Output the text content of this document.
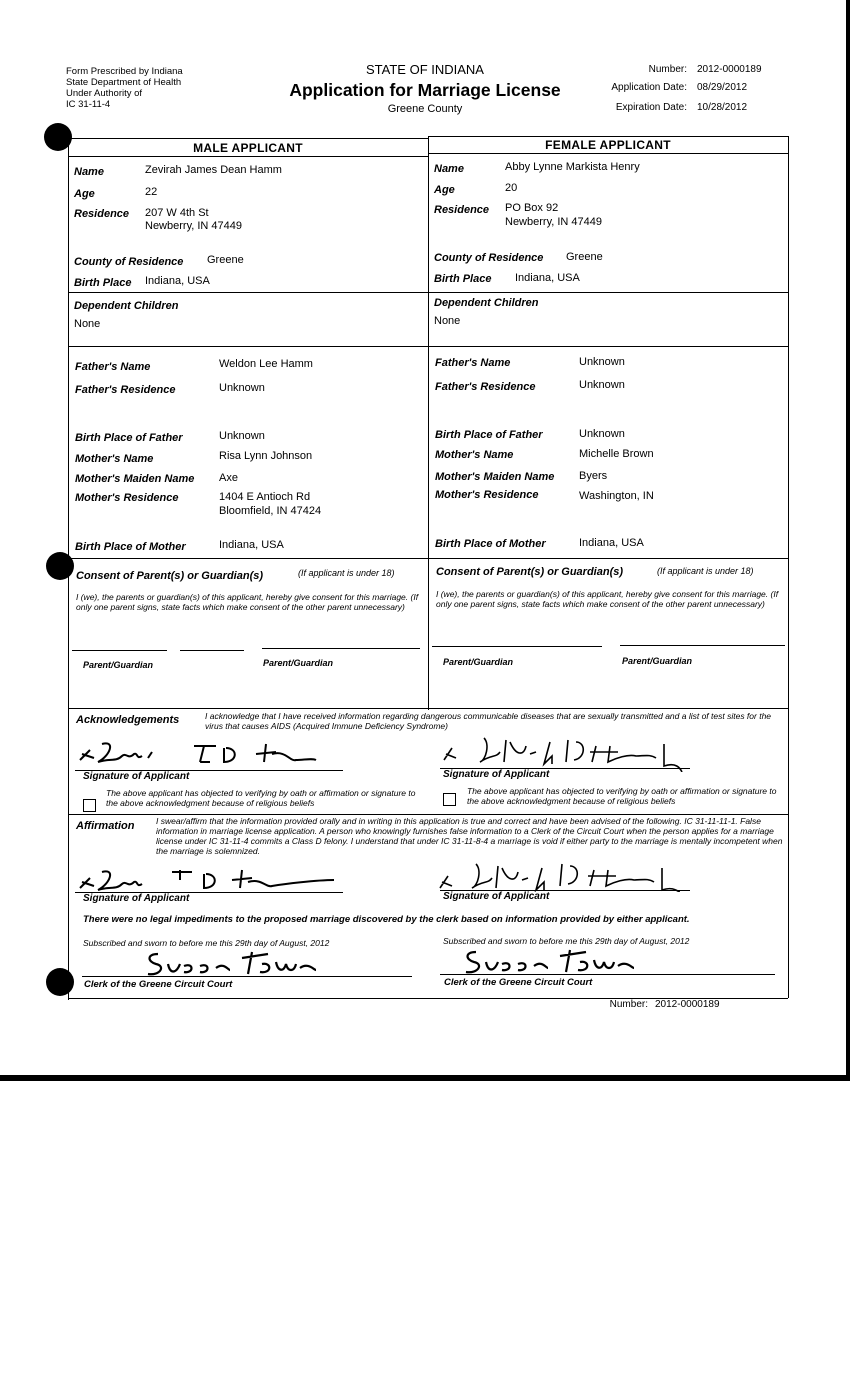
Form Prescribed by Indiana
State Department of Health
Under Authority of
IC 31-11-4
STATE OF INDIANA
Application for Marriage License
Greene County
Number: 2012-0000189
Application Date: 08/29/2012
Expiration Date: 10/28/2012
MALE APPLICANT	FEMALE APPLICANT
Name	Zevirah James Dean Hamm
Age	22
Residence 207 W 4th St
Newberry, IN 47449
County of Residence Greene
Birth Place Indiana, USA
Dependent Children
None
Father's Name	Weldon Lee Hamm
Father's Residence	Unknown
Birth Place of Father	Unknown
Mother's Name	Risa Lynn Johnson
Mother's Maiden Name Axe
Mother's Residence	1404 E Antioch Rd
Bloomfield, IN 47424
Birth Place of Mother	Indiana, USA
Name	Abby Lynne Markista Henry
Age	20
Residence PO Box 92
Newberry, IN 47449
County of Residence Greene
Birth Place Indiana, USA
Dependent Children
None
Father's Name	Unknown
Father's Residence	Unknown
Birth Place of Father	Unknown
Mother's Name	Michelle Brown
Mother's Maiden Name Byers
Mother's Residence	Washington, IN
Birth Place of Mother	Indiana, USA
Consent of Parent(s) or Guardian(s)	(If applicant is under 18)
I (we), the parents or guardian(s) of this applicant, hereby give consent for this marriage. (If only one parent signs, state facts which make consent of the other parent unnecessary)
Parent/Guardian	Parent/Guardian
Consent of Parent(s) or Guardian(s)	(If applicant is under 18)
I (we), the parents or guardian(s) of this applicant, hereby give consent for this marriage. (If only one parent signs, state facts which make consent of the other parent unnecessary)
Parent/Guardian	Parent/Guardian
Acknowledgements	I acknowledge that I have received information regarding dangerous communicable diseases that are sexually transmitted and a list of test sites for the virus that causes AIDS (Acquired Immune Deficiency Syndrome)
Signature of Applicant
The above applicant has objected to verifying by oath or affirmation or signature to the above acknowledgment because of religious beliefs
Signature of Applicant
The above applicant has objected to verifying by oath or affirmation or signature to the above acknowledgment because of religious beliefs
Affirmation	I swear/affirm that the information provided orally and in writing in this application is true and correct and have been advised of the following. IC 31-11-11-1. False information in marriage license application. A person who knowingly furnishes false information to a Clerk of the Circuit Court when the person applies for a marriage license under IC 31-11-4 commits a Class D felony. I understand that under IC 31-11-8-4 a marriage is void if either party to the marriage is mentally incompetent when the marriage is solemnized.
Signature of Applicant	Signature of Applicant
There were no legal impediments to the proposed marriage discovered by the clerk based on information provided by either applicant.
Subscribed and sworn to before me this 29th day of August, 2012	Subscribed and sworn to before me this 29th day of August, 2012
Clerk of the Greene Circuit Court	Clerk of the Greene Circuit Court
Number: 2012-0000189
